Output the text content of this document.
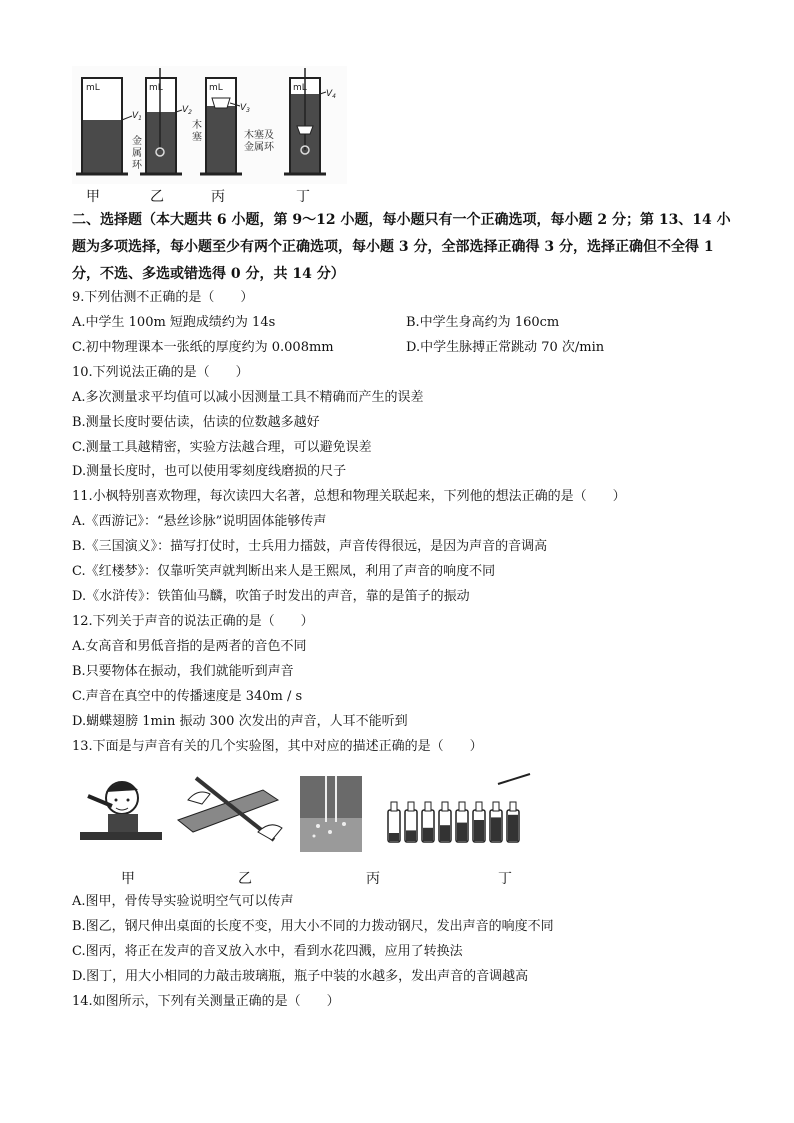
mL
$V_1$
mL
$V_2$
金
属
环
mL
$V_3$
木
塞
mL
$V_4$
木塞及
金属环
甲	乙	丙	丁
二、选择题（本大题共 6 小题，第 9～12 小题，每小题只有一个正确选项，每小题 2 分；第 13、14 小题为多项选择，每小题至少有两个正确选项，每小题 3 分，全部选择正确得 3 分，选择正确但不全得 1 分，不选、多选或错选得 0 分，共 14 分）
9.下列估测不正确的是（　　）
A.中学生 100m 短跑成绩约为 14s	B.中学生身高约为 160cm
C.初中物理课本一张纸的厚度约为 0.008mm	D.中学生脉搏正常跳动 70 次/min
10.下列说法正确的是（　　）
A.多次测量求平均值可以减小因测量工具不精确而产生的误差
B.测量长度时要估读，估读的位数越多越好
C.测量工具越精密，实验方法越合理，可以避免误差
D.测量长度时，也可以使用零刻度线磨损的尺子
11.小枫特别喜欢物理，每次读四大名著，总想和物理关联起来，下列他的想法正确的是（　　）
A.《西游记》：“悬丝诊脉”说明固体能够传声
B.《三国演义》：描写打仗时，士兵用力擂鼓，声音传得很远，是因为声音的音调高
C.《红楼梦》：仅靠听笑声就判断出来人是王熙凤，利用了声音的响度不同
D.《水浒传》：铁笛仙马麟，吹笛子时发出的声音，靠的是笛子的振动
12.下列关于声音的说法正确的是（　　）
A.女高音和男低音指的是两者的音色不同
B.只要物体在振动，我们就能听到声音
C.声音在真空中的传播速度是 340m / s
D.蝴蝶翅膀 1min 振动 300 次发出的声音，人耳不能听到
13.下面是与声音有关的几个实验图，其中对应的描述正确的是（　　）
甲	乙	丙	丁
A.图甲，骨传导实验说明空气可以传声
B.图乙，钢尺伸出桌面的长度不变，用大小不同的力拨动钢尺，发出声音的响度不同
C.图丙，将正在发声的音叉放入水中，看到水花四溅，应用了转换法
D.图丁，用大小相同的力敲击玻璃瓶，瓶子中装的水越多，发出声音的音调越高
14.如图所示，下列有关测量正确的是（　　）
